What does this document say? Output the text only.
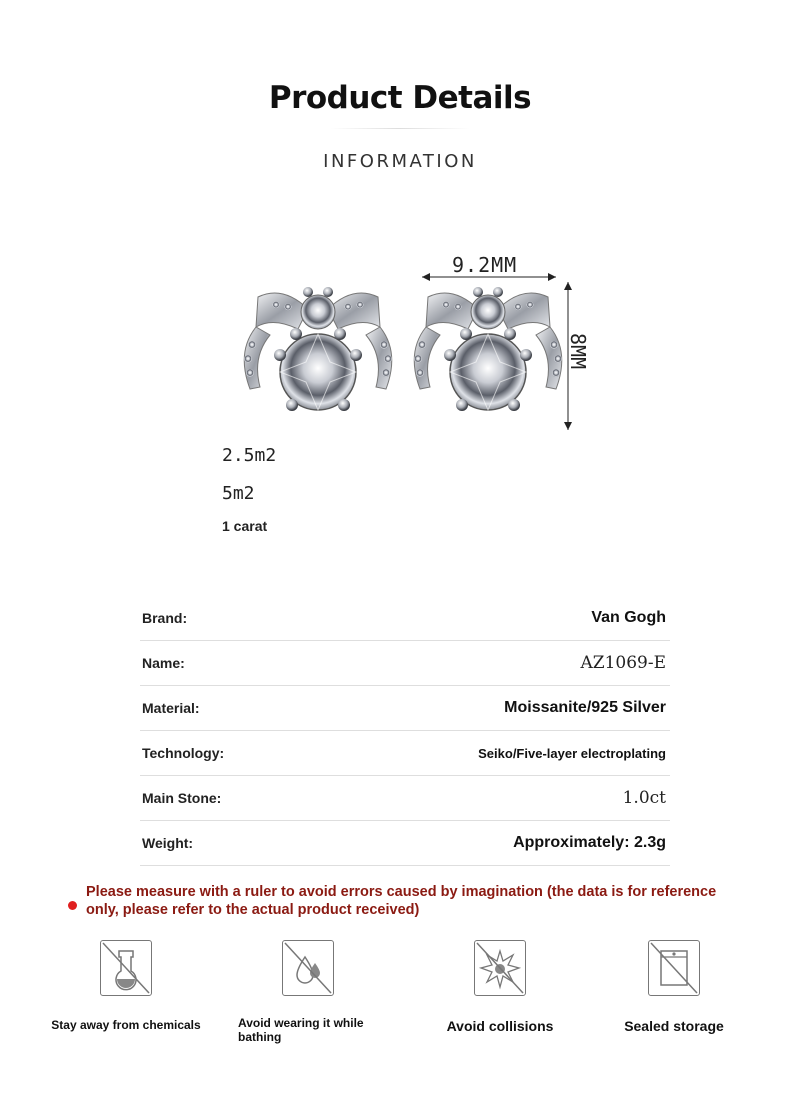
Product Details
INFORMATION
9.2MM
8MM
2.5m2
5m2
1 carat
Brand:	Van Gogh
Name:	AZ1069-E
Material:	Moissanite/925 Silver
Technology:	Seiko/Five-layer electroplating
Main Stone:	1.0ct
Weight:	Approximately: 2.3g
Please measure with a ruler to avoid errors caused by imagination (the data is for reference only, please refer to the actual product received)
Stay away from chemicals	Avoid wearing it while bathing
Avoid collisions	Sealed storage
